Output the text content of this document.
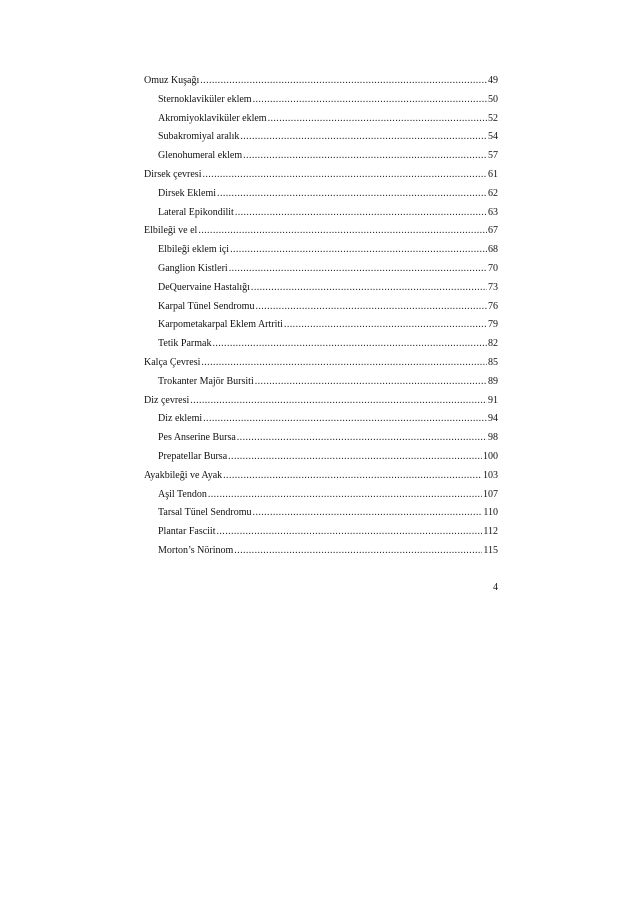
Omuz Kuşağı .....	49
Sternoklaviküler eklem .....	50
Akromiyoklaviküler eklem .....	52
Subakromiyal aralık .....	54
Glenohumeral eklem .....	57
Dirsek çevresi .....	61
Dirsek Eklemi .....	62
Lateral Epikondilit .....	63
Elbileği ve el .....	67
Elbileği eklem içi .....	68
Ganglion Kistleri .....	70
DeQuervaine Hastalığı .....	73
Karpal Tünel Sendromu .....	76
Karpometakarpal Eklem Artriti .....	79
Tetik Parmak .....	82
Kalça Çevresi .....	85
Trokanter Majör Bursiti .....	89
Diz çevresi .....	91
Diz eklemi .....	94
Pes Anserine Bursa .....	98
Prepatellar Bursa .....	100
Ayakbileği ve Ayak .....	103
Aşil Tendon .....	107
Tarsal Tünel Sendromu .....	110
Plantar Fasciit .....	112
Morton’s Nörinom .....	115
4
